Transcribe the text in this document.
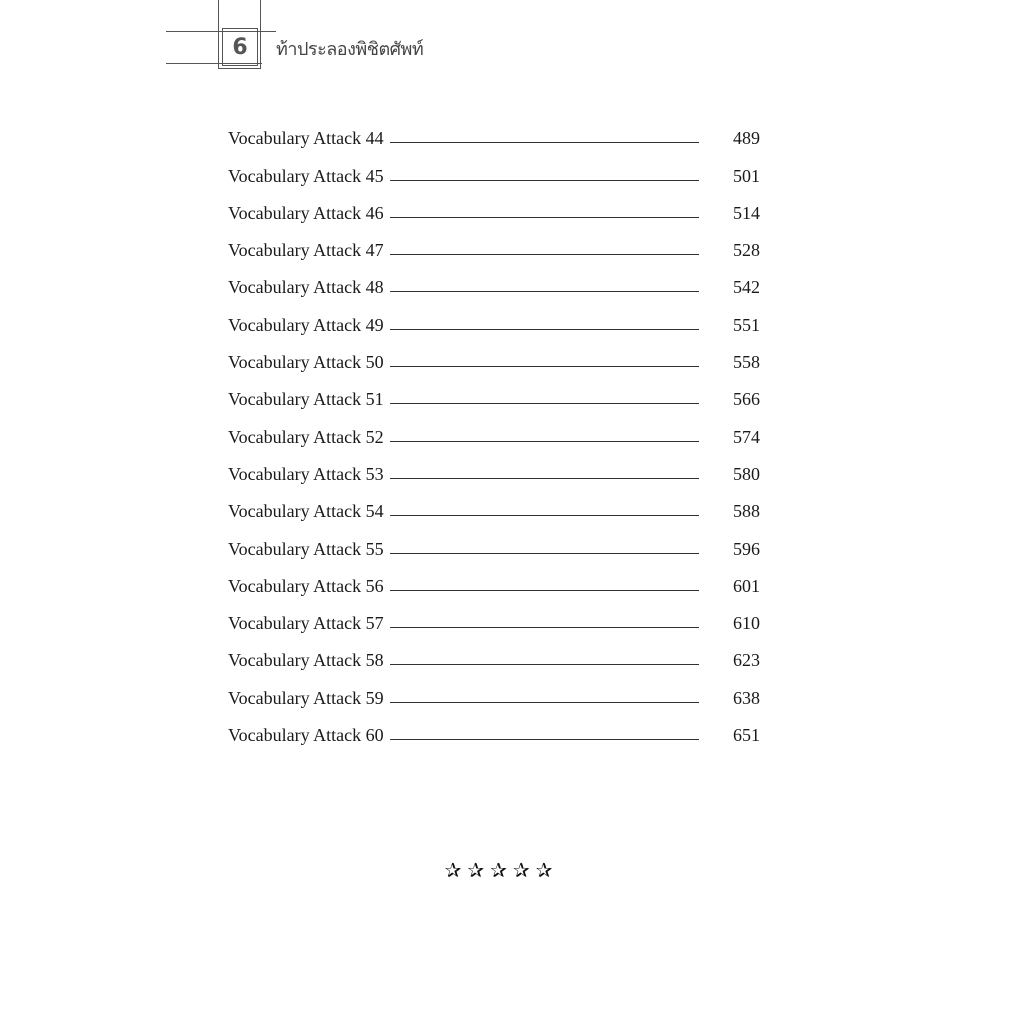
6	ท้าประลองพิชิตศัพท์
Vocabulary Attack 44	489
Vocabulary Attack 45	501
Vocabulary Attack 46	514
Vocabulary Attack 47	528
Vocabulary Attack 48	542
Vocabulary Attack 49	551
Vocabulary Attack 50	558
Vocabulary Attack 51	566
Vocabulary Attack 52	574
Vocabulary Attack 53	580
Vocabulary Attack 54	588
Vocabulary Attack 55	596
Vocabulary Attack 56	601
Vocabulary Attack 57	610
Vocabulary Attack 58	623
Vocabulary Attack 59	638
Vocabulary Attack 60	651
✰✰✰✰✰
